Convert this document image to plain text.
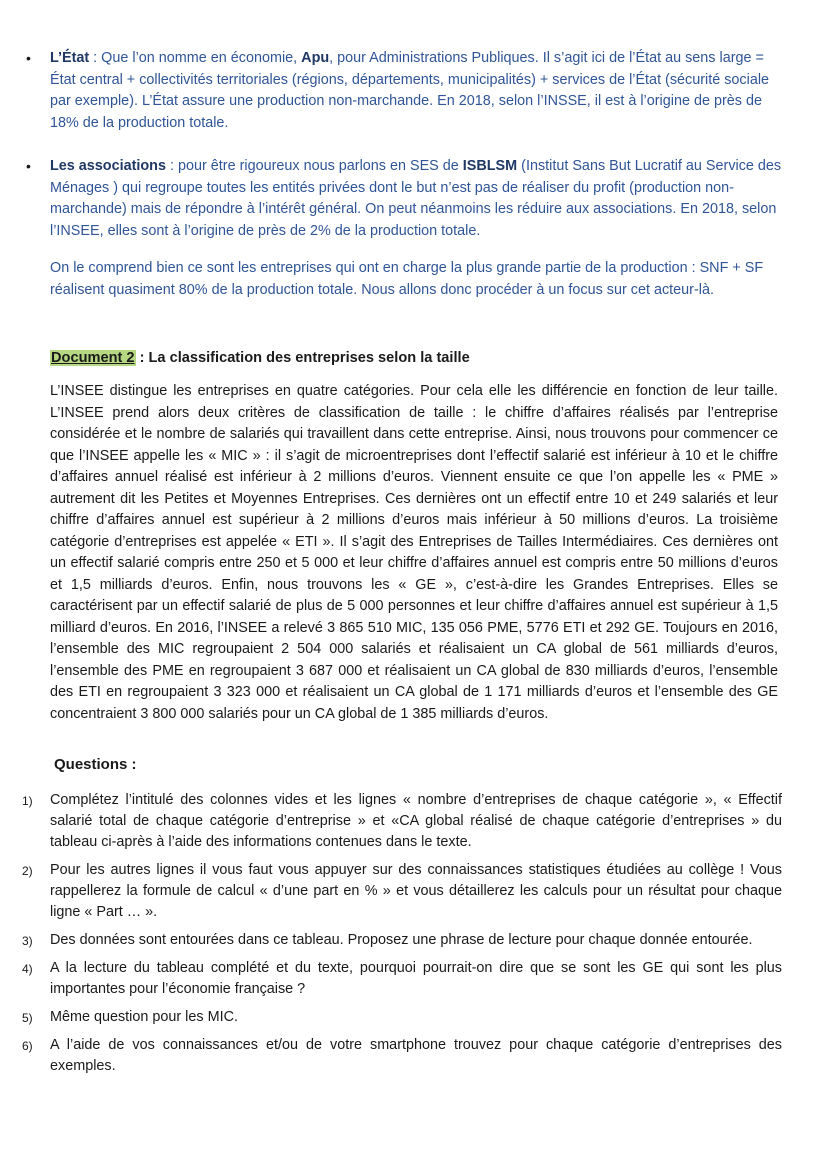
• L’État : Que l’on nomme en économie, Apu, pour Administrations Publiques. Il s’agit ici de l’État au sens large = État central + collectivités territoriales (régions, départements, municipalités) + services de l’État (sécurité sociale par exemple). L’État assure une production non-marchande. En 2018, selon l’INSSE, il est à l’origine de près de 18% de la production totale.

• Les associations : pour être rigoureux nous parlons en SES de ISBLSM (Institut Sans But Lucratif au Service des Ménages ) qui regroupe toutes les entités privées dont le but n’est pas de réaliser du profit (production non-marchande) mais de répondre à l’intérêt général. On peut néanmoins les réduire aux associations. En 2018, selon l’INSEE, elles sont à l’origine de près de 2% de la production totale.

On le comprend bien ce sont les entreprises qui ont en charge la plus grande partie de la production : SNF + SF réalisent quasiment 80% de la production totale. Nous allons donc procéder à un focus sur cet acteur-là.

Document 2 : La classification des entreprises selon la taille

L’INSEE distingue les entreprises en quatre catégories. Pour cela elle les différencie en fonction de leur taille. L’INSEE prend alors deux critères de classification de taille : le chiffre d’affaires réalisés par l’entreprise considérée et le nombre de salariés qui travaillent dans cette entreprise. Ainsi, nous trouvons pour commencer ce que l’INSEE appelle les « MIC » : il s’agit de microentreprises dont l’effectif salarié est inférieur à 10 et le chiffre d’affaires annuel réalisé est inférieur à 2 millions d’euros. Viennent ensuite ce que l’on appelle les « PME » autrement dit les Petites et Moyennes Entreprises. Ces dernières ont un effectif entre 10 et 249 salariés et leur chiffre d’affaires annuel est supérieur à 2 millions d’euros mais inférieur à 50 millions d’euros. La troisième catégorie d’entreprises est appelée « ETI ». Il s’agit des Entreprises de Tailles Intermédiaires. Ces dernières ont un effectif salarié compris entre 250 et 5 000 et leur chiffre d’affaires annuel est compris entre 50 millions d’euros et 1,5 milliards d’euros. Enfin, nous trouvons les « GE », c’est-à-dire les Grandes Entreprises. Elles se caractérisent par un effectif salarié de plus de 5 000 personnes et leur chiffre d’affaires annuel est supérieur à 1,5 milliard d’euros. En 2016, l’INSEE a relevé 3 865 510 MIC, 135 056 PME, 5776 ETI et 292 GE. Toujours en 2016, l’ensemble des MIC regroupaient 2 504 000 salariés et réalisaient un CA global de 561 milliards d’euros, l’ensemble des PME en regroupaient 3 687 000 et réalisaient un CA global de 830 milliards d’euros, l’ensemble des ETI en regroupaient 3 323 000 et réalisaient un CA global de 1 171 milliards d’euros et l’ensemble des GE concentraient 3 800 000 salariés pour un CA global de 1 385 milliards d’euros.

Questions :
1) Complétez l’intitulé des colonnes vides et les lignes « nombre d’entreprises de chaque catégorie », « Effectif salarié total de chaque catégorie d’entreprise » et «CA global réalisé de chaque catégorie d’entreprises » du tableau ci-après à l’aide des informations contenues dans le texte.
2) Pour les autres lignes il vous faut vous appuyer sur des connaissances statistiques étudiées au collège ! Vous rappellerez la formule de calcul « d’une part en % » et vous détaillerez les calculs pour un résultat pour chaque ligne « Part … ».
3) Des données sont entourées dans ce tableau. Proposez une phrase de lecture pour chaque donnée entourée.
4) A la lecture du tableau complété et du texte, pourquoi pourrait-on dire que se sont les GE qui sont les plus importantes pour l’économie française ?
5) Même question pour les MIC.
6) A l’aide de vos connaissances et/ou de votre smartphone trouvez pour chaque catégorie d’entreprises des exemples.
